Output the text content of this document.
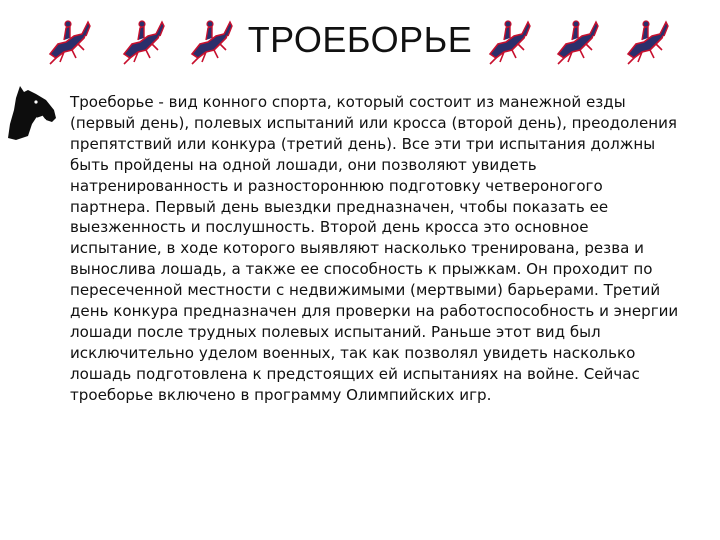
ТРОЕБОРЬЕ

Троеборье - вид конного спорта, который состоит из манежной езды (первый день), полевых испытаний или кросса (второй день), преодоления препятствий или конкура (третий день). Все эти три испытания должны быть пройдены на одной лошади, они позволяют увидеть натренированность и разностороннюю подготовку четвероногого партнера. Первый день выездки предназначен, чтобы показать ее выезженность и послушность. Второй день кросса это основное испытание, в ходе которого выявляют насколько тренирована, резва и вынослива лошадь, а также ее способность к прыжкам. Он проходит по пересеченной местности с недвижимыми (мертвыми) барьерами. Третий день конкура предназначен для проверки на работоспособность и энергии лошади после трудных полевых испытаний. Раньше этот вид был исключительно уделом военных, так как позволял увидеть насколько лошадь подготовлена к предстоящих ей испытаниях на войне. Сейчас троеборье включено в программу Олимпийских игр.
